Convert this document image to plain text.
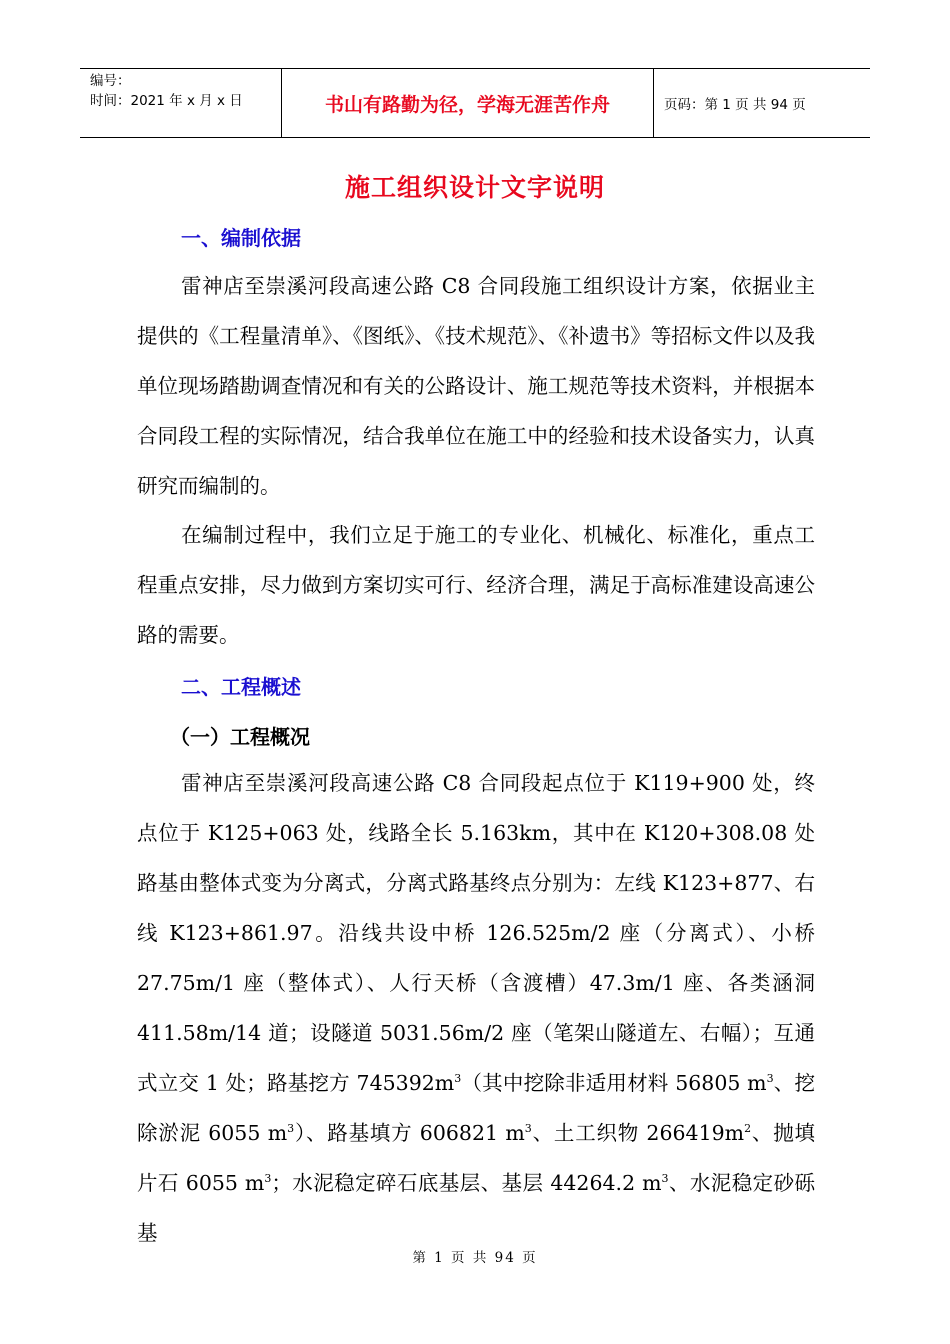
编号：
时间：2021 年 x 月 x 日	书山有路勤为径，学海无涯苦作舟	页码：第 1 页 共 94 页
施工组织设计文字说明
一、编制依据

雷神店至崇溪河段高速公路 C8 合同段施工组织设计方案，依据业主提供的《工程量清单》、《图纸》、《技术规范》、《补遗书》等招标文件以及我单位现场踏勘调查情况和有关的公路设计、施工规范等技术资料，并根据本合同段工程的实际情况，结合我单位在施工中的经验和技术设备实力，认真研究而编制的。

在编制过程中，我们立足于施工的专业化、机械化、标准化，重点工程重点安排，尽力做到方案切实可行、经济合理，满足于高标准建设高速公路的需要。

二、工程概述
（一）工程概况

雷神店至崇溪河段高速公路 C8 合同段起点位于 K119+900 处，终点位于 K125+063 处，线路全长 5.163km，其中在 K120+308.08 处路基由整体式变为分离式，分离式路基终点分别为：左线 K123+877、右线 K123+861.97。沿线共设中桥 126.525m/2 座（分离式）、小桥 27.75m/1 座（整体式）、人行天桥（含渡槽）47.3m/1 座、各类涵洞 411.58m/14 道；设隧道 5031.56m/2 座（笔架山隧道左、右幅）；互通式立交 1 处；路基挖方 $745392m^3$（其中挖除非适用材料 56805 $m^3$、挖除淤泥 6055 $m^3$）、路基填方 606821 $m^3$、土工织物 $266419m^2$、抛填片石 6055 $m^3$；水泥稳定碎石底基层、基层 44264.2 $m^3$、水泥稳定砂砾基

第 1 页 共 94 页
